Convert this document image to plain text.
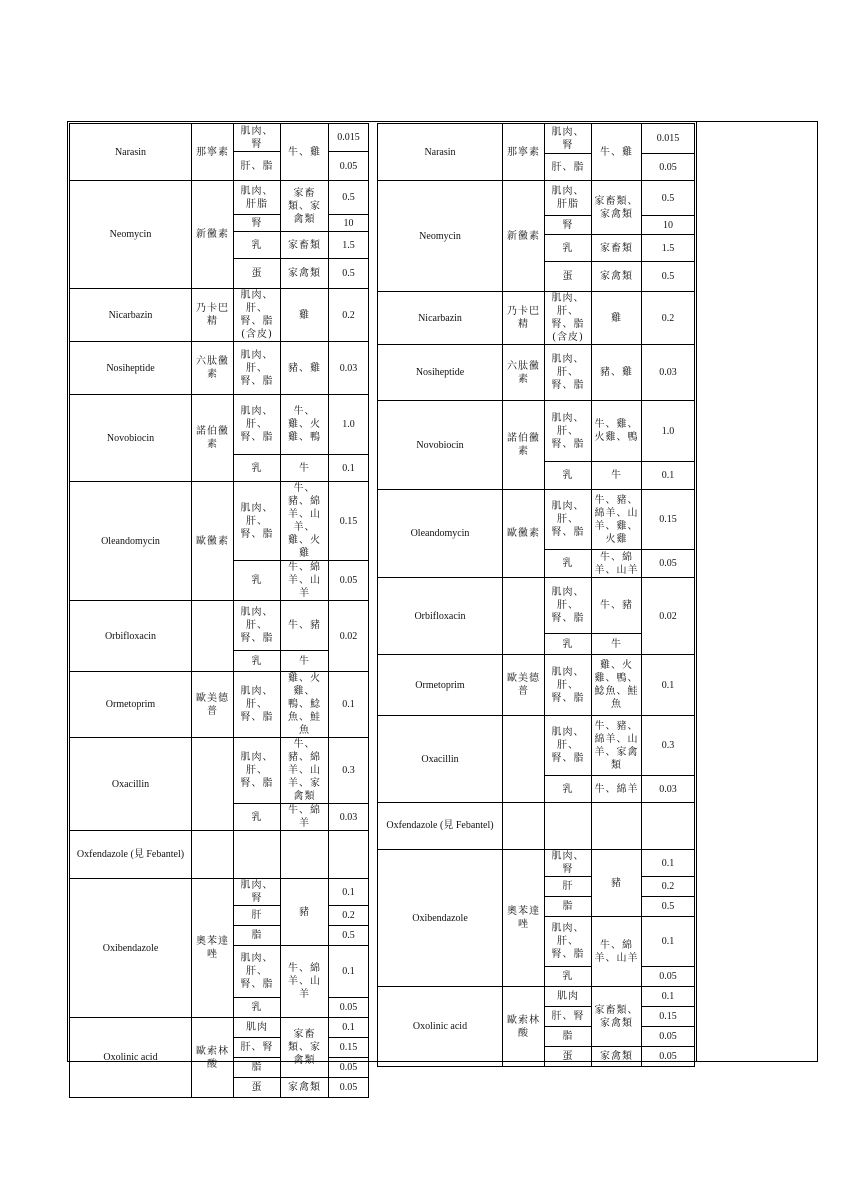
Narasin	那寧素	肌肉、腎	牛、雞	0.015
		肝、脂		0.05
Neomycin	新黴素	肌肉、肝脂	家畜類、家禽類	0.5
		腎		10
		乳	家畜類	1.5
		蛋	家禽類	0.5
Nicarbazin	乃卡巴精	肌肉、肝、腎、脂(含皮)	雞	0.2
Nosiheptide	六肽黴素	肌肉、肝、腎、脂	豬、雞	0.03
Novobiocin	諾伯黴素	肌肉、肝、腎、脂	牛、雞、火雞、鴨	1.0
		乳	牛	0.1
Oleandomycin	歐黴素	肌肉、肝、腎、脂	牛、豬、綿羊、山羊、雞、火雞	0.15
		乳	牛、綿羊、山羊	0.05
Orbifloxacin		肌肉、肝、腎、脂	牛、豬	0.02
		乳	牛	
Ormetoprim	歐美德普	肌肉、肝、腎、脂	雞、火雞、鴨、鯰魚、鮭魚	0.1
Oxacillin		肌肉、肝、腎、脂	牛、豬、綿羊、山羊、家禽類	0.3
		乳	牛、綿羊	0.03
Oxfendazole (見 Febantel)				
Oxibendazole	奧苯達唑	肌肉、腎	豬	0.1
		肝		0.2
		脂		0.5
		肌肉、肝、腎、脂	牛、綿羊、山羊	0.1
		乳		0.05
Oxolinic acid	歐索林酸	肌肉	家畜類、家禽類	0.1
		肝、腎		0.15
		脂		0.05
		蛋	家禽類	0.05
Narasin	那寧素	肌肉、腎	牛、雞	0.015
		肝、脂		0.05
Neomycin	新黴素	肌肉、肝脂	家畜類、家禽類	0.5
		腎		10
		乳	家畜類	1.5
		蛋	家禽類	0.5
Nicarbazin	乃卡巴精	肌肉、肝、腎、脂(含皮)	雞	0.2
Nosiheptide	六肽黴素	肌肉、肝、腎、脂	豬、雞	0.03
Novobiocin	諾伯黴素	肌肉、肝、腎、脂	牛、雞、火雞、鴨	1.0
		乳	牛	0.1
Oleandomycin	歐黴素	肌肉、肝、腎、脂	牛、豬、綿羊、山羊、雞、火雞	0.15
		乳	牛、綿羊、山羊	0.05
Orbifloxacin		肌肉、肝、腎、脂	牛、豬	0.02
		乳	牛	
Ormetoprim	歐美德普	肌肉、肝、腎、脂	雞、火雞、鴨、鯰魚、鮭魚	0.1
Oxacillin		肌肉、肝、腎、脂	牛、豬、綿羊、山羊、家禽類	0.3
		乳	牛、綿羊	0.03
Oxfendazole (見 Febantel)				
Oxibendazole	奧苯達唑	肌肉、腎	豬	0.1
		肝		0.2
		脂		0.5
		肌肉、肝、腎、脂	牛、綿羊、山羊	0.1
		乳		0.05
Oxolinic acid	歐索林酸	肌肉	家畜類、家禽類	0.1
		肝、腎		0.15
		脂		0.05
		蛋	家禽類	0.05
